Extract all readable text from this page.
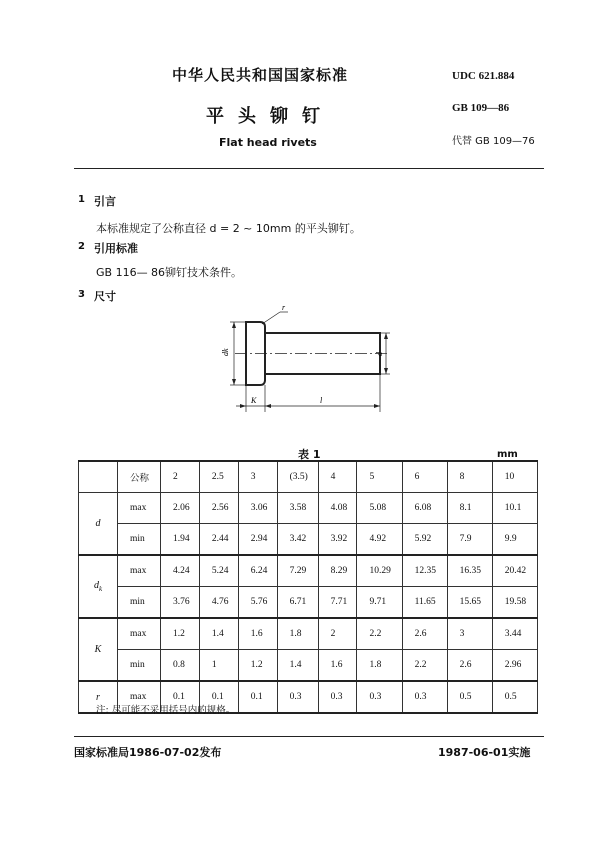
中华人民共和国国家标准
平头铆钉
Flat head rivets
UDC 621.884
GB 109—86
代替 GB 109—76
1 引言
本标准规定了公称直径 d = 2 ~ 10mm 的平头铆钉。
2 引用标准
GB 116— 86铆钉技术条件。
3 尺寸
r
dk	d
K	l
表 1	mm
	公称	2	2.5	3	(3.5)	4	5	6	8	10
d	max	2.06	2.56	3.06	3.58	4.08	5.08	6.08	8.1	10.1
	min	1.94	2.44	2.94	3.42	3.92	4.92	5.92	7.9	9.9
$d_k$	max	4.24	5.24	6.24	7.29	8.29	10.29	12.35	16.35	20.42
	min	3.76	4.76	5.76	6.71	7.71	9.71	11.65	15.65	19.58
K	max	1.2	1.4	1.6	1.8	2	2.2	2.6	3	3.44
	min	0.8	1	1.2	1.4	1.6	1.8	2.2	2.6	2.96
r	max	0.1	0.1	0.1	0.3	0.3	0.3	0.3	0.5	0.5
注: 尽可能不采用括号内的规格。
国家标准局1986-07-02发布	1987-06-01实施
